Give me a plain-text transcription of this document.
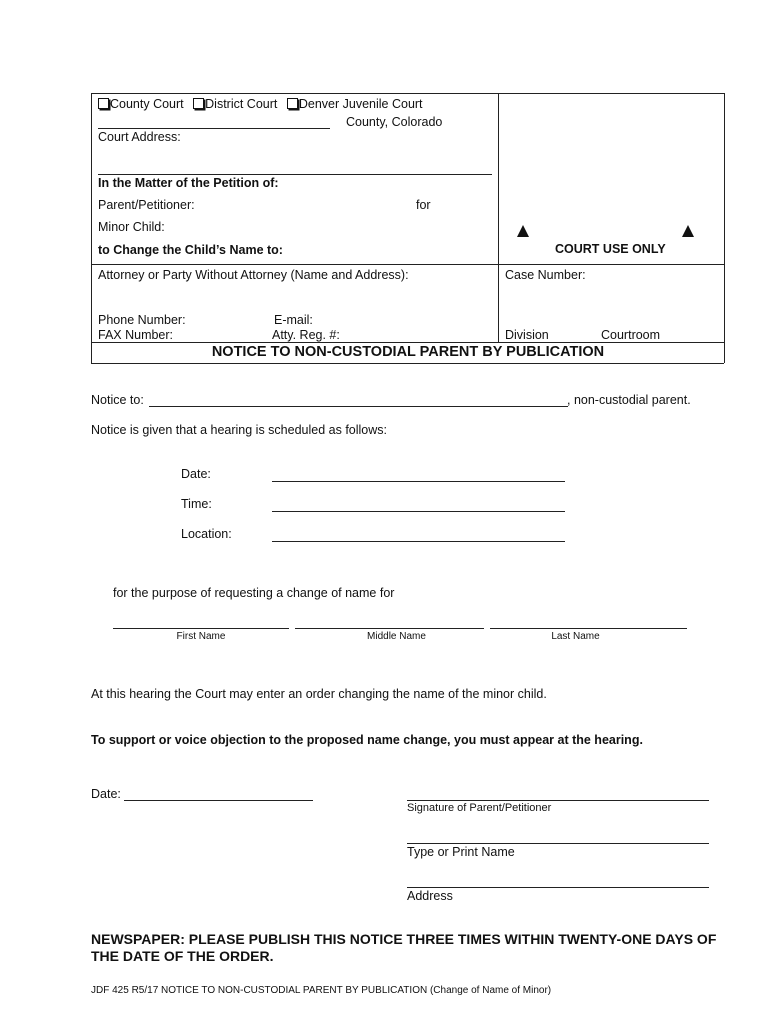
County Court District Court Denver Juvenile Court
County, Colorado
Court Address:
In the Matter of the Petition of:
Parent/Petitioner:	for
Minor Child:
to Change the Child’s Name to:	COURT USE ONLY
Attorney or Party Without Attorney (Name and Address):	Case Number:
Phone Number:	E-mail:
FAX Number:	Atty. Reg. #:	Division	Courtroom
NOTICE TO NON-CUSTODIAL PARENT BY PUBLICATION
Notice to:	, non-custodial parent.
Notice is given that a hearing is scheduled as follows:
Date:
Time:
Location:
for the purpose of requesting a change of name for
First Name	Middle Name	Last Name
At this hearing the Court may enter an order changing the name of the minor child.
To support or voice objection to the proposed name change, you must appear at the hearing.
Date:
Signature of Parent/Petitioner
Type or Print Name
Address
NEWSPAPER: PLEASE PUBLISH THIS NOTICE THREE TIMES WITHIN TWENTY-ONE DAYS OF
THE DATE OF THE ORDER.
JDF 425 R5/17 NOTICE TO NON-CUSTODIAL PARENT BY PUBLICATION (Change of Name of Minor)
